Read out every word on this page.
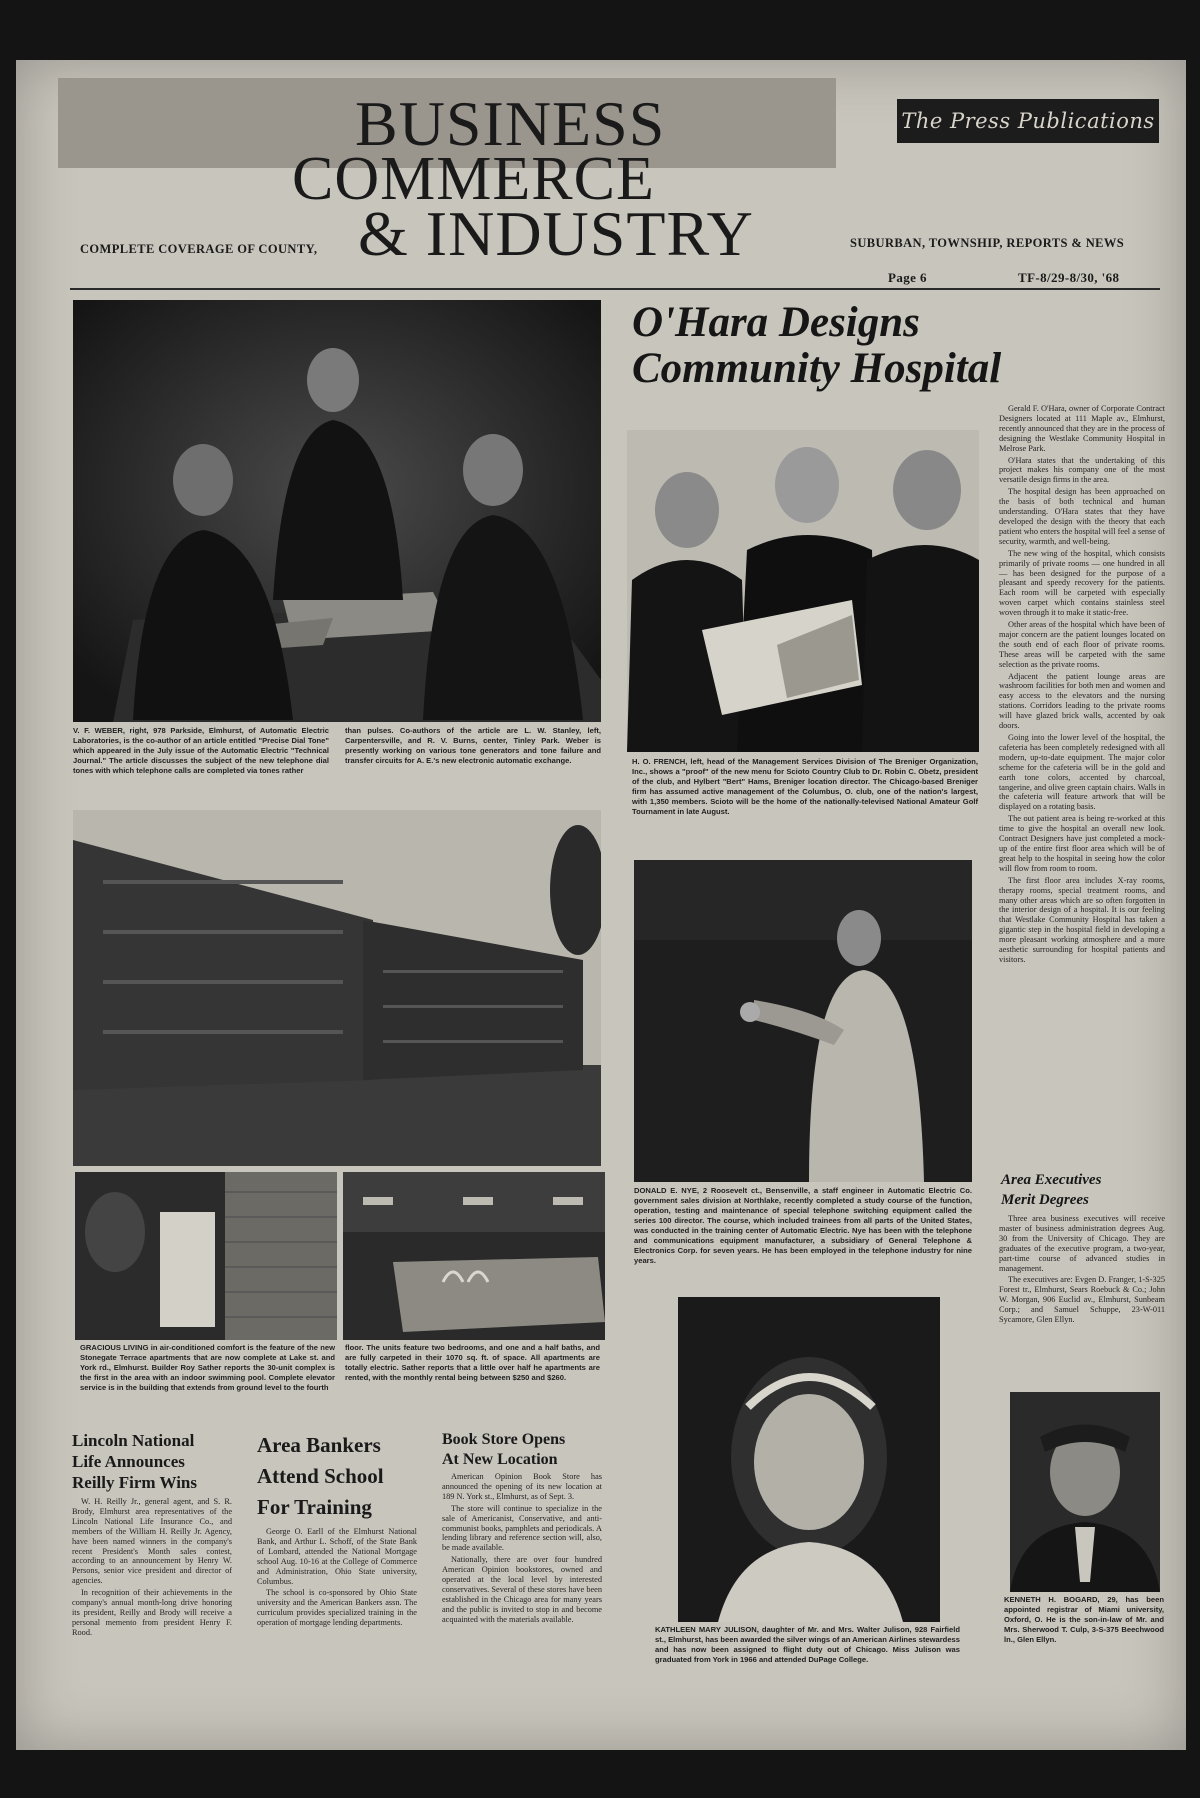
BUSINESS
COMMERCE
& INDUSTRY
The Press Publications
COMPLETE COVERAGE OF COUNTY,	SUBURBAN, TOWNSHIP, REPORTS & NEWS
Page 6	TF-8/29-8/30, '68

V. F. WEBER, right, 978 Parkside, Elmhurst, of Automatic Electric Laboratories, is the co-author of an article entitled "Precise Dial Tone" which appeared in the July issue of the Automatic Electric "Technical Journal." The article discusses the subject of the new telephone dial tones with which telephone calls are completed via tones rather

than pulses. Co-authors of the article are L. W. Stanley, left, Carpentersville, and R. V. Burns, center, Tinley Park. Weber is presently working on various tone generators and tone failure and transfer circuits for A. E.'s new electronic automatic exchange.

O'Hara Designs
Community Hospital

H. O. FRENCH, left, head of the Management Services Division of The Breniger Organization, Inc., shows a "proof" of the new menu for Scioto Country Club to Dr. Robin C. Obetz, president of the club, and Hylbert "Bert" Hams, Breniger location director. The Chicago-based Breniger firm has assumed active management of the Columbus, O. club, one of the nation's largest, with 1,350 members. Scioto will be the home of the nationally-televised National Amateur Golf Tournament in late August.

Gerald F. O'Hara, owner of Corporate Contract Designers located at 111 Maple av., Elmhurst, recently announced that they are in the process of designing the Westlake Community Hospital in Melrose Park.

O'Hara states that the undertaking of this project makes his company one of the most versatile design firms in the area.

The hospital design has been approached on the basis of both technical and human understanding. O'Hara states that they have developed the design with the theory that each patient who enters the hospital will feel a sense of security, warmth, and well-being.

The new wing of the hospital, which consists primarily of private rooms — one hundred in all — has been designed for the purpose of a pleasant and speedy recovery for the patients. Each room will be carpeted with especially woven carpet which contains stainless steel woven through it to make it static-free.

Other areas of the hospital which have been of major concern are the patient lounges located on the south end of each floor of private rooms. These areas will be carpeted with the same selection as the private rooms.

Adjacent the patient lounge areas are washroom facilities for both men and women and easy access to the elevators and the nursing stations. Corridors leading to the private rooms will have glazed brick walls, accented by oak doors.

Going into the lower level of the hospital, the cafeteria has been completely redesigned with all modern, up-to-date equipment. The major color scheme for the cafeteria will be in the gold and earth tone colors, accented by charcoal, tangerine, and olive green captain chairs. Walls in the cafeteria will feature artwork that will be displayed on a rotating basis.

The out patient area is being re-worked at this time to give the hospital an overall new look. Contract Designers have just completed a mock-up of the entire first floor area which will be of great help to the hospital in seeing how the color will flow from room to room.

The first floor area includes X-ray rooms, therapy rooms, special treatment rooms, and many other areas which are so often forgotten in the interior design of a hospital. It is our feeling that Westlake Community Hospital has taken a gigantic step in the hospital field in developing a more pleasant working atmosphere and a more aesthetic surrounding for hospital patients and visitors.

GRACIOUS LIVING in air-conditioned comfort is the feature of the new Stonegate Terrace apartments that are now complete at Lake st. and York rd., Elmhurst. Builder Roy Sather reports the 30-unit complex is the first in the area with an indoor swimming pool. Complete elevator service is in the building that extends from ground level to the fourth

floor. The units feature two bedrooms, and one and a half baths, and are fully carpeted in their 1070 sq. ft. of space. All apartments are totally electric. Sather reports that a little over half he apartments are rented, with the monthly rental being between $250 and $260.

DONALD E. NYE, 2 Roosevelt ct., Bensenville, a staff engineer in Automatic Electric Co. government sales division at Northlake, recently completed a study course of the function, operation, testing and maintenance of special telephone switching equipment called the series 100 director. The course, which included trainees from all parts of the United States, was conducted in the training center of Automatic Electric. Nye has been with the telephone and communications equipment manufacturer, a subsidiary of General Telephone & Electronics Corp. for seven years. He has been employed in the telephone industry for nine years.

Area Executives
Merit Degrees

Three area business executives will receive master of business administration degrees Aug. 30 from the University of Chicago. They are graduates of the executive program, a two-year, part-time course of advanced studies in management.

The executives are: Evgen D. Franger, 1-S-325 Forest tr., Elmhurst, Sears Roebuck & Co.; John W. Morgan, 906 Euclid av., Elmhurst, Sunbeam Corp.; and Samuel Schuppe, 23-W-011 Sycamore, Glen Ellyn.

Lincoln National
Life Announces
Reilly Firm Wins

W. H. Reilly Jr., general agent, and S. R. Brody, Elmhurst area representatives of the Lincoln National Life Insurance Co., and members of the William H. Reilly Jr. Agency, have been named winners in the company's recent President's Month sales contest, according to an announcement by Henry W. Persons, senior vice president and director of agencies.

In recognition of their achievements in the company's annual month-long drive honoring its president, Reilly and Brody will receive a personal memento from president Henry F. Rood.

Area Bankers
Attend School
For Training

George O. Earll of the Elmhurst National Bank, and Arthur L. Schoff, of the State Bank of Lombard, attended the National Mortgage school Aug. 10-16 at the College of Commerce and Administration, Ohio State university, Columbus.

The school is co-sponsored by Ohio State university and the American Bankers assn. The curriculum provides specialized training in the operation of mortgage lending departments.

Book Store Opens
At New Location

American Opinion Book Store has announced the opening of its new location at 189 N. York st., Elmhurst, as of Sept. 3.

The store will continue to specialize in the sale of Americanist, Conservative, and anti-communist books, pamphlets and periodicals. A lending library and reference section will, also, be made available.

Nationally, there are over four hundred American Opinion bookstores, owned and operated at the local level by interested conservatives. Several of these stores have been established in the Chicago area for many years and the public is invited to stop in and become acquainted with the materials available.

KATHLEEN MARY JULISON, daughter of Mr. and Mrs. Walter Julison, 928 Fairfield st., Elmhurst, has been awarded the silver wings of an American Airlines stewardess and has now been assigned to flight duty out of Chicago. Miss Julison was graduated from York in 1966 and attended DuPage College.

KENNETH H. BOGARD, 29, has been appointed registrar of Miami university, Oxford, O. He is the son-in-law of Mr. and Mrs. Sherwood T. Culp, 3-S-375 Beechwood ln., Glen Ellyn.
